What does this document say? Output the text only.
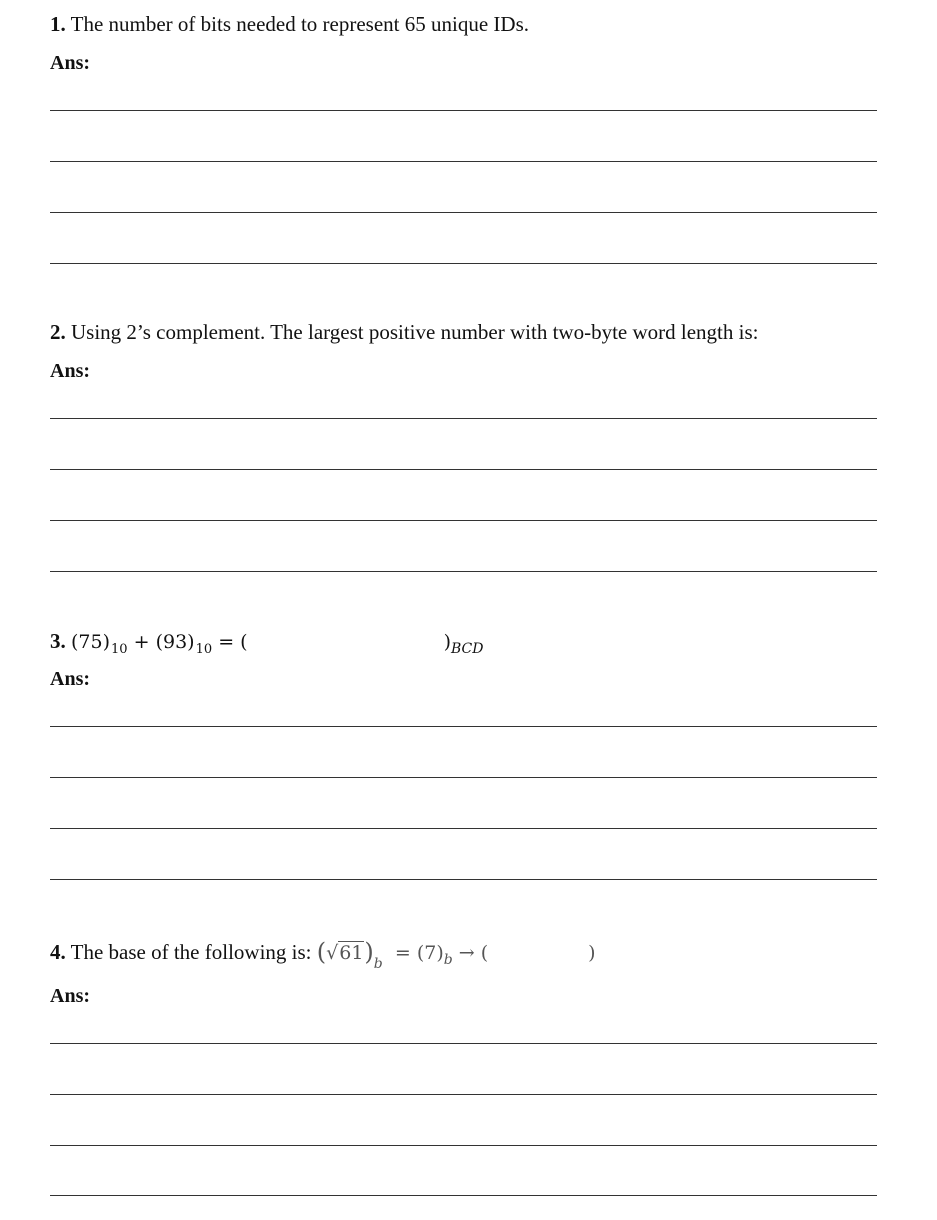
1. The number of bits needed to represent 65 unique IDs.
Ans:
2. Using 2’s complement. The largest positive number with two-byte word length is:
Ans:
3. $(75)_{10} + (93)_{10}$ = (	)$_{BCD}$
Ans:
4. The base of the following is: $(√61)_b = (7)_b$ → (	)
Ans:
